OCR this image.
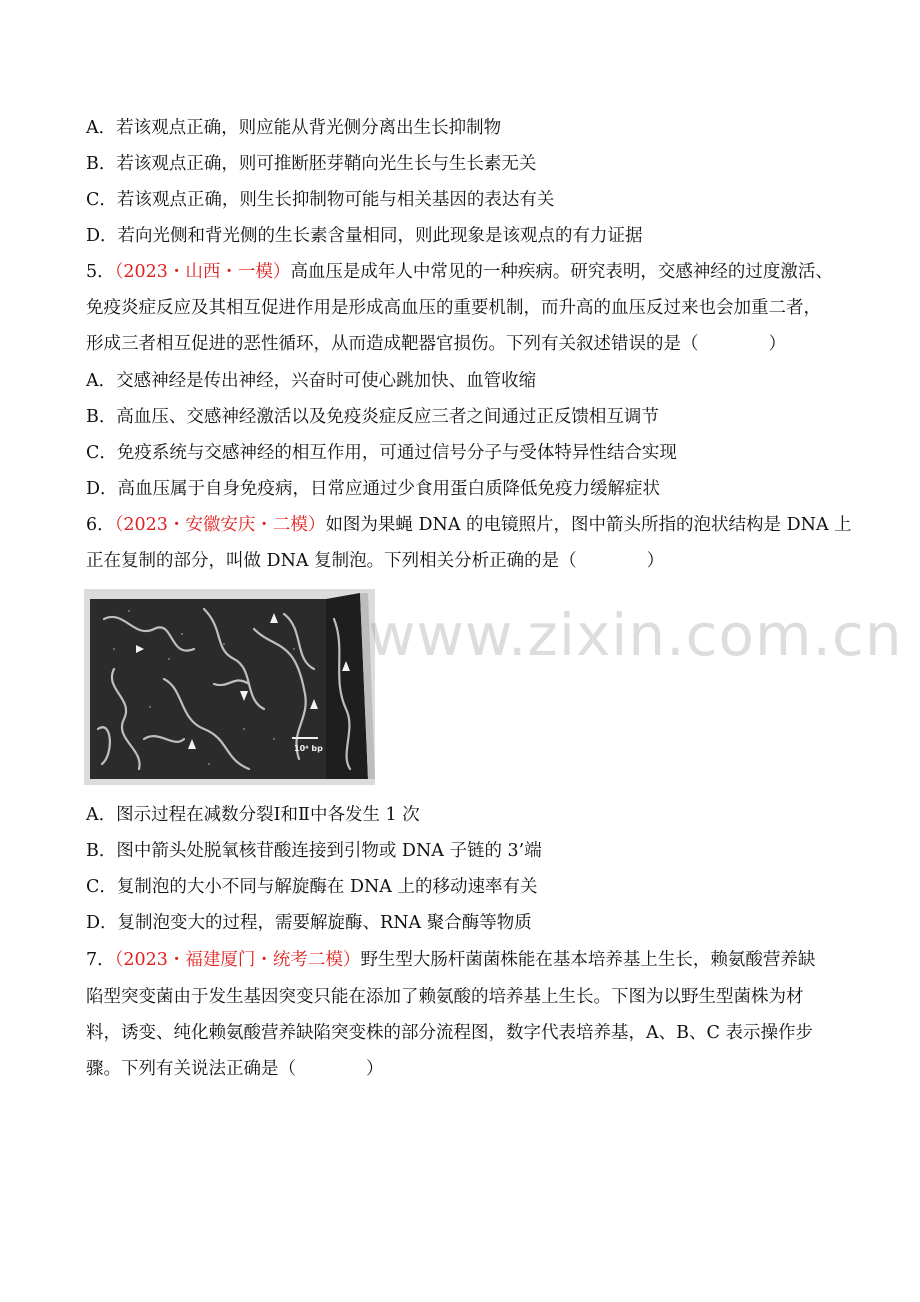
A．若该观点正确，则应能从背光侧分离出生长抑制物
B．若该观点正确，则可推断胚芽鞘向光生长与生长素无关
C．若该观点正确，则生长抑制物可能与相关基因的表达有关
D．若向光侧和背光侧的生长素含量相同，则此现象是该观点的有力证据
5．（2023・山西・一模）高血压是成年人中常见的一种疾病。研究表明，交感神经的过度激活、
免疫炎症反应及其相互促进作用是形成高血压的重要机制，而升高的血压反过来也会加重二者，
形成三者相互促进的恶性循环，从而造成靶器官损伤。下列有关叙述错误的是（　　　　）
A．交感神经是传出神经，兴奋时可使心跳加快、血管收缩
B．高血压、交感神经激活以及免疫炎症反应三者之间通过正反馈相互调节
C．免疫系统与交感神经的相互作用，可通过信号分子与受体特异性结合实现
D．高血压属于自身免疫病，日常应通过少食用蛋白质降低免疫力缓解症状
6．（2023・安徽安庆・二模）如图为果蝇 DNA 的电镜照片，图中箭头所指的泡状结构是 DNA 上
正在复制的部分，叫做 DNA 复制泡。下列相关分析正确的是（　　　　）
10⁴ bp
www.zixin.com.cn
A．图示过程在减数分裂Ⅰ和Ⅱ中各发生 1 次
B．图中箭头处脱氧核苷酸连接到引物或 DNA 子链的 3’端
C．复制泡的大小不同与解旋酶在 DNA 上的移动速率有关
D．复制泡变大的过程，需要解旋酶、RNA 聚合酶等物质
7．（2023・福建厦门・统考二模）野生型大肠杆菌菌株能在基本培养基上生长，赖氨酸营养缺
陷型突变菌由于发生基因突变只能在添加了赖氨酸的培养基上生长。下图为以野生型菌株为材
料，诱变、纯化赖氨酸营养缺陷突变株的部分流程图，数字代表培养基，A、B、C 表示操作步
骤。下列有关说法正确是（　　　　）
